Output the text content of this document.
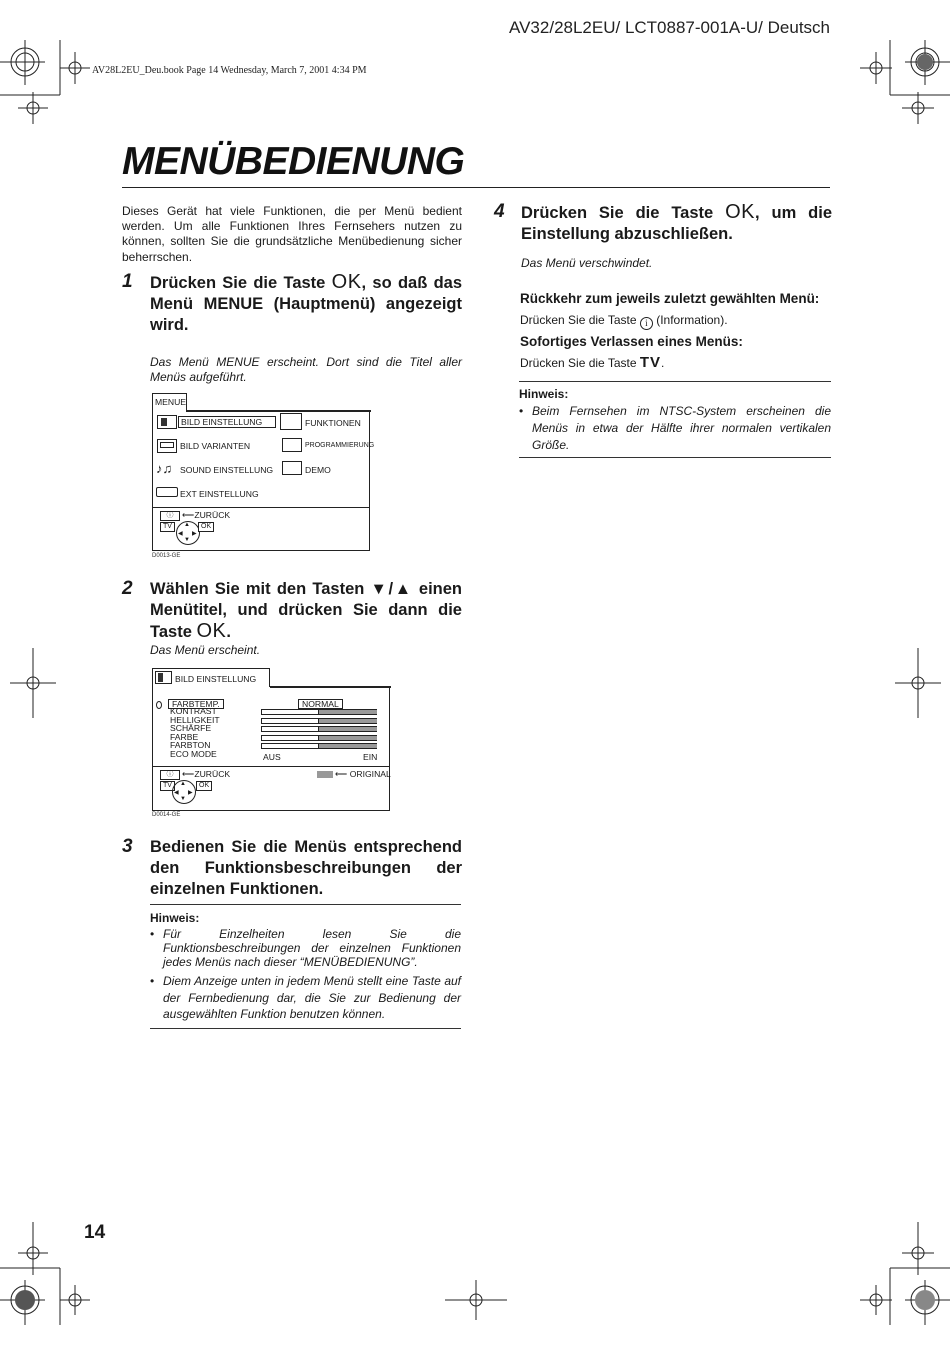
AV32/28L2EU/ LCT0887-001A-U/ Deutsch
AV28L2EU_Deu.book Page 14 Wednesday, March 7, 2001 4:34 PM
MENÜBEDIENUNG
Dieses Gerät hat viele Funktionen, die per Menü bedient werden. Um alle Funktionen Ihres Fernsehers nutzen zu können, sollten Sie die grundsätzliche Menübedienung sicher beherrschen.
1 Drücken Sie die Taste OK, so daß das Menü MENUE (Hauptmenü) angezeigt wird.
Das Menü MENUE erscheint. Dort sind die Titel aller Menüs aufgeführt.
MENUE
BILD EINSTELLUNG
BILD VARIANTEN
♪♫ SOUND EINSTELLUNG
EXT EINSTELLUNG
FUNKTIONEN
PROGRAMMIERUNG
DEMO
ⓘ ⟵ZURÜCK
TV	▲
▼
◀ ▶
OK
D0013-GE
2 Wählen Sie mit den Tasten ▼/▲ einen Menütitel, und drücken Sie dann die Taste OK.
Das Menü erscheint.
BILD EINSTELLUNG
FARBTEMP.
KONTRAST
HELLIGKEIT
SCHÄRFE
FARBE
FARBTON
ECO MODE
NORMAL
AUS	EIN
ⓘ ⟵ZURÜCK	⟵ ORIGINAL
TV	▲
▼
◀ ▶
OK
D0014-GE
3 Bedienen Sie die Menüs entsprechend den Funktionsbeschreibungen der einzelnen Funktionen.
Hinweis:
• Für Einzelheiten lesen Sie die Funktionsbeschreibungen der einzelnen Funktionen jedes Menüs nach dieser “MENÜBEDIENUNG”.
• Diem Anzeige unten in jedem Menü stellt eine Taste auf der Fernbedienung dar, die Sie zur Bedienung der ausgewählten Funktion benutzen können.
4 Drücken Sie die Taste OK, um die Einstellung abzuschließen.
Das Menü verschwindet.
Rückkehr zum jeweils zuletzt gewählten Menü:
Drücken Sie die Taste i (Information).
Sofortiges Verlassen eines Menüs:
Drücken Sie die Taste TV.
Hinweis:
• Beim Fernsehen im NTSC-System erscheinen die Menüs in etwa der Hälfte ihrer normalen vertikalen Größe.
14
